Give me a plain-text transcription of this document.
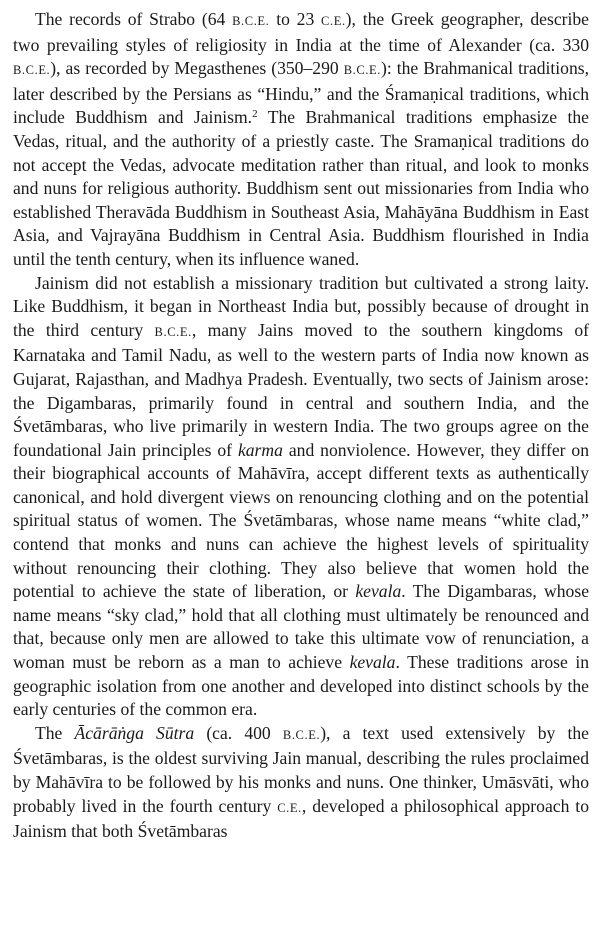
The records of Strabo (64 B.C.E. to 23 C.E.), the Greek geographer, describe two prevailing styles of religiosity in India at the time of Alexander (ca. 330 B.C.E.), as recorded by Megasthenes (350–290 B.C.E.): the Brahmanical traditions, later described by the Persians as “Hindu,” and the Śramaṇical traditions, which include Buddhism and Jainism.$^2$ The Brahmanical traditions emphasize the Vedas, ritual, and the authority of a priestly caste. The Sramaṇical traditions do not accept the Vedas, advocate meditation rather than ritual, and look to monks and nuns for religious authority. Buddhism sent out missionaries from India who established Theravāda Buddhism in Southeast Asia, Mahāyāna Buddhism in East Asia, and Vajrayāna Buddhism in Central Asia. Buddhism flourished in India until the tenth century, when its influence waned.

Jainism did not establish a missionary tradition but cultivated a strong laity. Like Buddhism, it began in Northeast India but, possibly because of drought in the third century B.C.E., many Jains moved to the southern kingdoms of Karnataka and Tamil Nadu, as well to the western parts of India now known as Gujarat, Rajasthan, and Madhya Pradesh. Eventually, two sects of Jainism arose: the Digambaras, primarily found in central and southern India, and the Śvetāmbaras, who live primarily in western India. The two groups agree on the foundational Jain principles of karma and nonviolence. However, they differ on their biographical accounts of Mahāvīra, accept different texts as authentically canonical, and hold divergent views on renouncing clothing and on the potential spiritual status of women. The Śvetāmbaras, whose name means “white clad,” contend that monks and nuns can achieve the highest levels of spirituality without renouncing their clothing. They also believe that women hold the potential to achieve the state of liberation, or kevala. The Digambaras, whose name means “sky clad,” hold that all clothing must ultimately be renounced and that, because only men are allowed to take this ultimate vow of renunciation, a woman must be reborn as a man to achieve kevala. These traditions arose in geographic isolation from one another and developed into distinct schools by the early centuries of the common era.

The Ācārāṅga Sūtra (ca. 400 B.C.E.), a text used extensively by the Śvetāmbaras, is the oldest surviving Jain manual, describing the rules proclaimed by Mahāvīra to be followed by his monks and nuns. One thinker, Umāsvāti, who probably lived in the fourth century C.E., developed a philosophical approach to Jainism that both Śvetāmbaras
